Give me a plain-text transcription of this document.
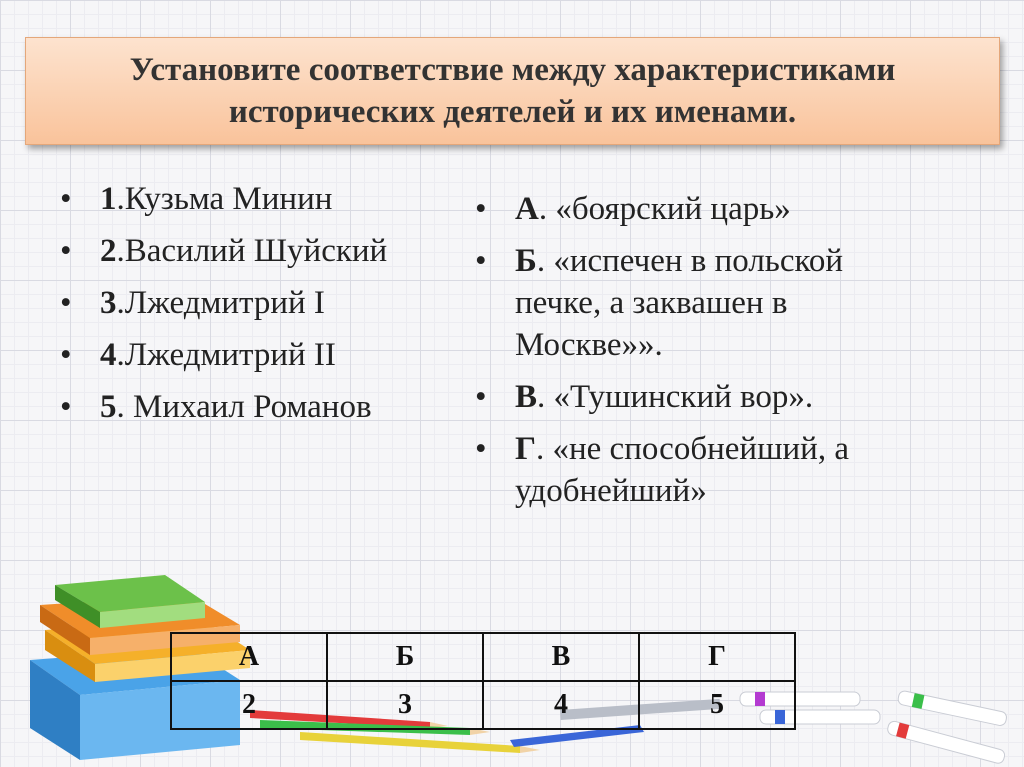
Установите соответствие между характеристиками исторических деятелей и их именами.
• 1.Кузьма Минин
• 2.Василий Шуйский
• 3.Лжедмитрий I
• 4.Лжедмитрий II
• 5. Михаил Романов
• А. «боярский царь»
• Б. «испечен в польской печке, а заквашен в Москве»».
• В. «Тушинский вор».
• Г. «не способнейший, а удобнейший»
А	Б	В	Г
2	3	4	5
